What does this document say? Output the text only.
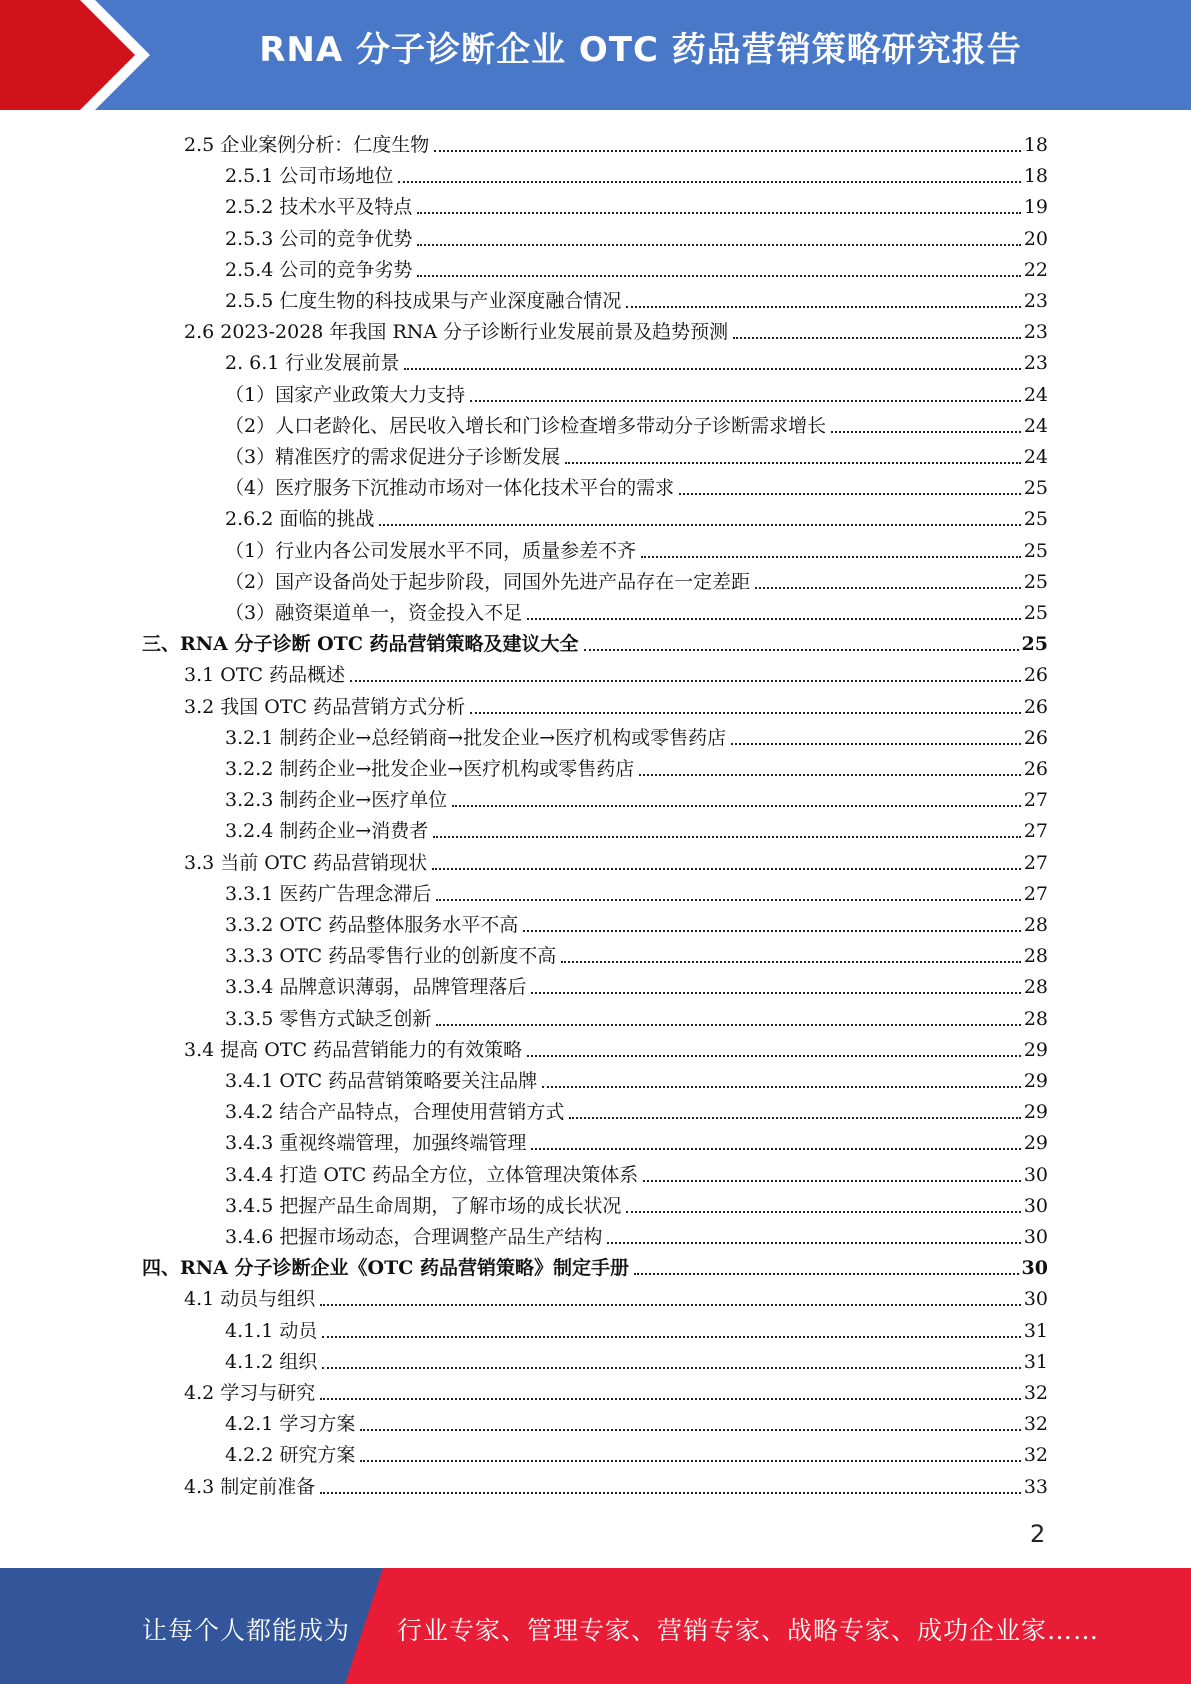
RNA 分子诊断企业 OTC 药品营销策略研究报告
2.5 企业案例分析：仁度生物	18
2.5.1 公司市场地位	18
2.5.2 技术水平及特点	19
2.5.3 公司的竞争优势	20
2.5.4 公司的竞争劣势	22
2.5.5 仁度生物的科技成果与产业深度融合情况	23
2.6 2023-2028 年我国 RNA 分子诊断行业发展前景及趋势预测	23
2. 6.1 行业发展前景	23
（1）国家产业政策大力支持	24
（2）人口老龄化、居民收入增长和门诊检查增多带动分子诊断需求增长	24
（3）精准医疗的需求促进分子诊断发展	24
（4）医疗服务下沉推动市场对一体化技术平台的需求	25
2.6.2 面临的挑战	25
（1）行业内各公司发展水平不同，质量参差不齐	25
（2）国产设备尚处于起步阶段，同国外先进产品存在一定差距	25
（3）融资渠道单一，资金投入不足	25
三、RNA 分子诊断 OTC 药品营销策略及建议大全	25
3.1 OTC 药品概述	26
3.2 我国 OTC 药品营销方式分析	26
3.2.1 制药企业→总经销商→批发企业→医疗机构或零售药店	26
3.2.2 制药企业→批发企业→医疗机构或零售药店	26
3.2.3 制药企业→医疗单位	27
3.2.4 制药企业→消费者	27
3.3 当前 OTC 药品营销现状	27
3.3.1 医药广告理念滞后	27
3.3.2 OTC 药品整体服务水平不高	28
3.3.3 OTC 药品零售行业的创新度不高	28
3.3.4 品牌意识薄弱，品牌管理落后	28
3.3.5 零售方式缺乏创新	28
3.4 提高 OTC 药品营销能力的有效策略	29
3.4.1 OTC 药品营销策略要关注品牌	29
3.4.2 结合产品特点，合理使用营销方式	29
3.4.3 重视终端管理，加强终端管理	29
3.4.4 打造 OTC 药品全方位，立体管理决策体系	30
3.4.5 把握产品生命周期，了解市场的成长状况	30
3.4.6 把握市场动态，合理调整产品生产结构	30
四、RNA 分子诊断企业《OTC 药品营销策略》制定手册	30
4.1 动员与组织	30
4.1.1 动员	31
4.1.2 组织	31
4.2 学习与研究	32
4.2.1 学习方案	32
4.2.2 研究方案	32
4.3 制定前准备	33
2
让每个人都能成为 行业专家、管理专家、营销专家、战略专家、成功企业家……
